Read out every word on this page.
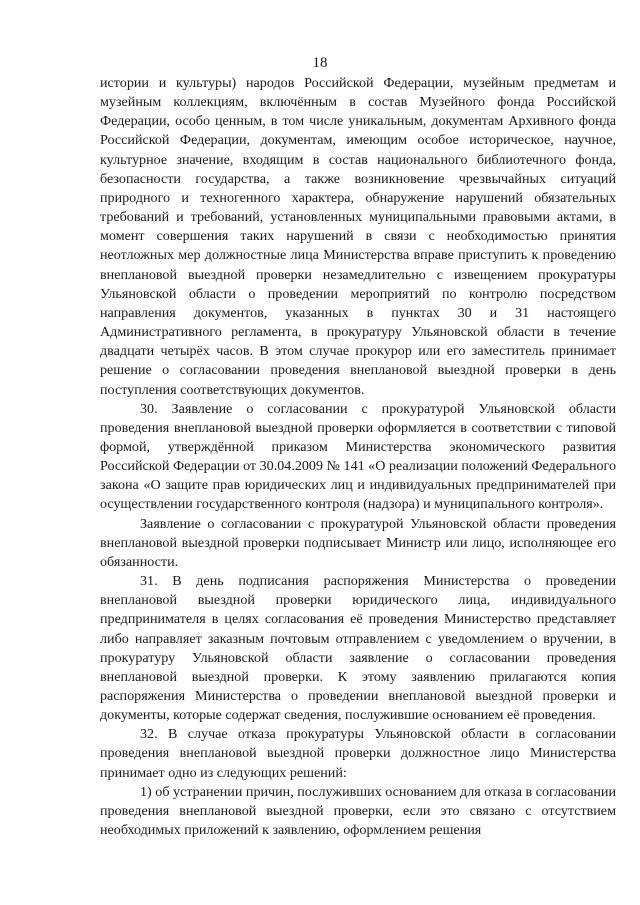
18

истории и культуры) народов Российской Федерации, музейным предметам и музейным коллекциям, включённым в состав Музейного фонда Российской Федерации, особо ценным, в том числе уникальным, документам Архивного фонда Российской Федерации, документам, имеющим особое историческое, научное, культурное значение, входящим в состав национального библиотечного фонда, безопасности государства, а также возникновение чрезвычайных ситуаций природного и техногенного характера, обнаружение нарушений обязательных требований и требований, установленных муниципальными правовыми актами, в момент совершения таких нарушений в связи с необходимостью принятия неотложных мер должностные лица Министерства вправе приступить к проведению внеплановой выездной проверки незамедлительно с извещением прокуратуры Ульяновской области о проведении мероприятий по контролю посредством направления документов, указанных в пунктах 30 и 31 настоящего Административного регламента, в прокуратуру Ульяновской области в течение двадцати четырёх часов. В этом случае прокурор или его заместитель принимает решение о согласовании проведения внеплановой выездной проверки в день поступления соответствующих документов.

30. Заявление о согласовании с прокуратурой Ульяновской области проведения внеплановой выездной проверки оформляется в соответствии с типовой формой, утверждённой приказом Министерства экономического развития Российской Федерации от 30.04.2009 № 141 «О реализации положений Федерального закона «О защите прав юридических лиц и индивидуальных предпринимателей при осуществлении государственного контроля (надзора) и муниципального контроля».

Заявление о согласовании с прокуратурой Ульяновской области проведения внеплановой выездной проверки подписывает Министр или лицо, исполняющее его обязанности.

31. В день подписания распоряжения Министерства о проведении внеплановой выездной проверки юридического лица, индивидуального предпринимателя в целях согласования её проведения Министерство представляет либо направляет заказным почтовым отправлением с уведомлением о вручении, в прокуратуру Ульяновской области заявление о согласовании проведения внеплановой выездной проверки. К этому заявлению прилагаются копия распоряжения Министерства о проведении внеплановой выездной проверки и документы, которые содержат сведения, послужившие основанием её проведения.

32. В случае отказа прокуратуры Ульяновской области в согласовании проведения внеплановой выездной проверки должностное лицо Министерства принимает одно из следующих решений:

1) об устранении причин, послуживших основанием для отказа в согласовании проведения внеплановой выездной проверки, если это связано с отсутствием необходимых приложений к заявлению, оформлением решения
